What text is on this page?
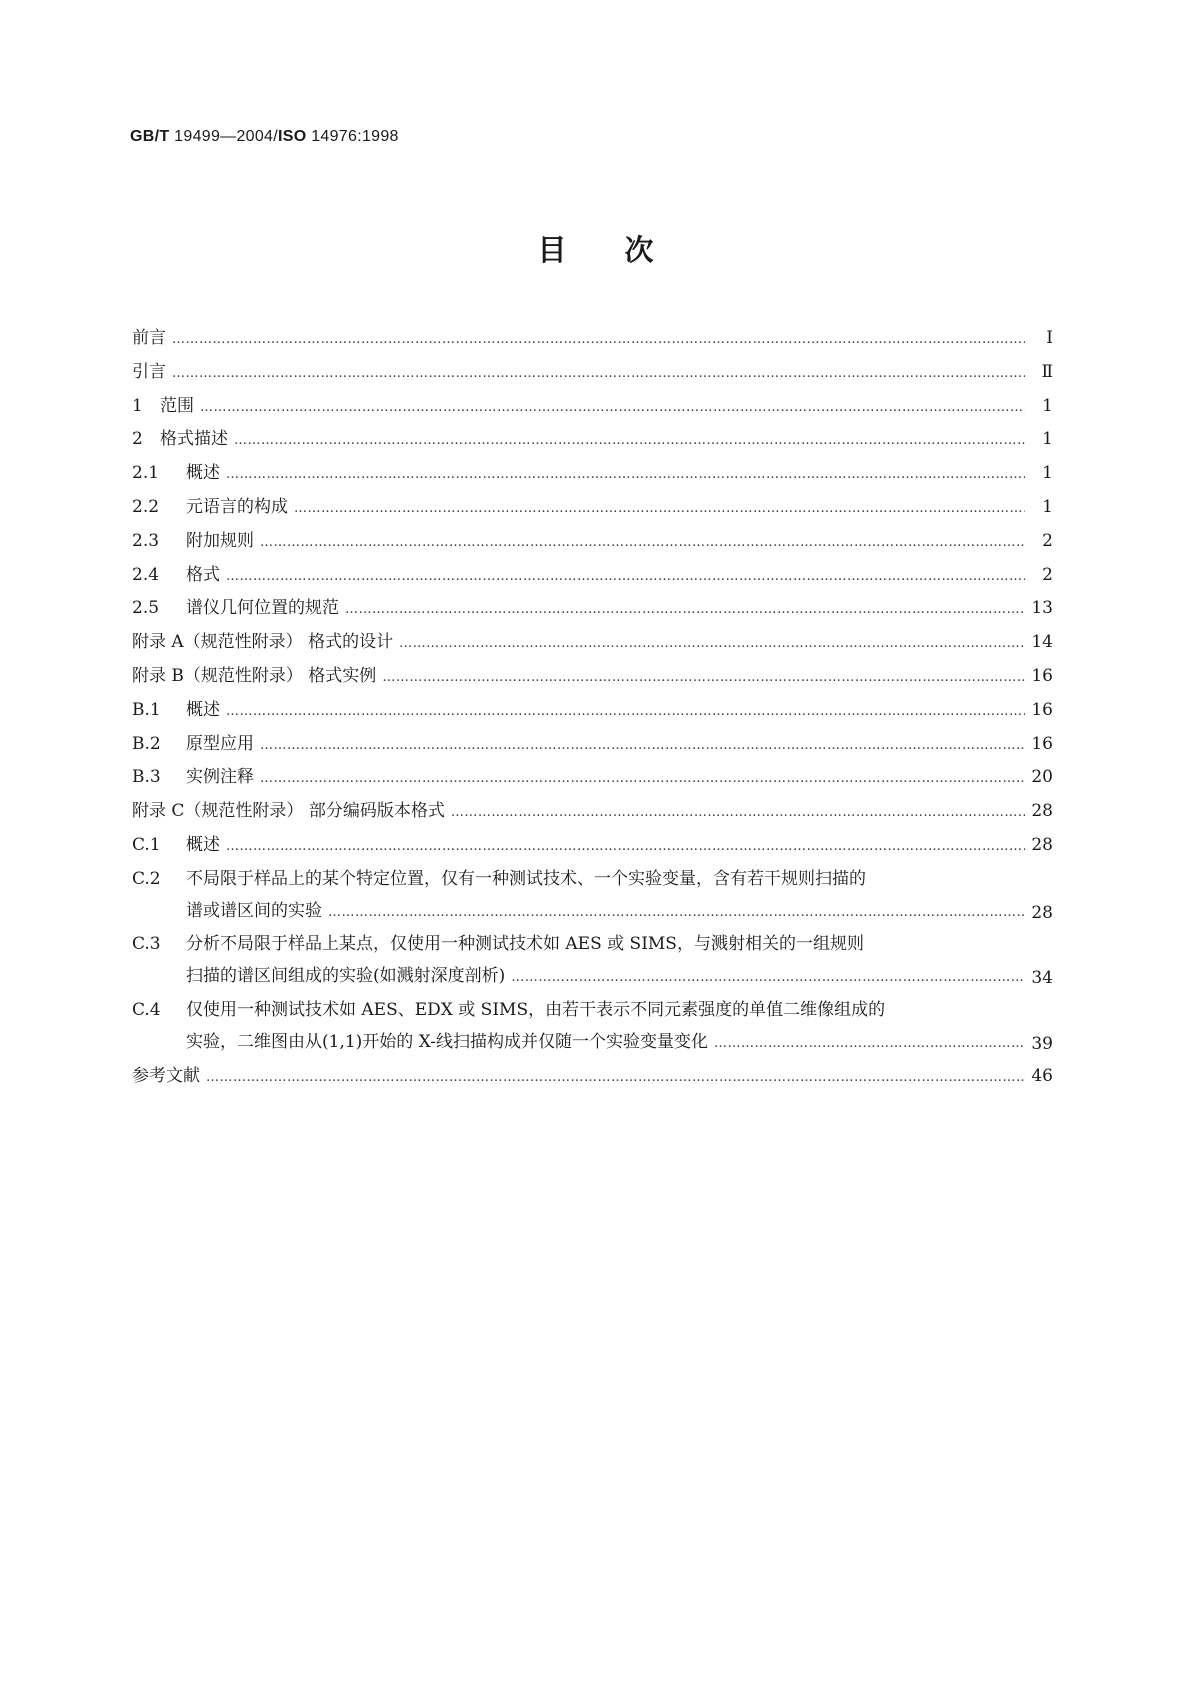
GB/T 19499—2004/ISO 14976:1998
目次
前言 ………………………………………………………………………………………………………………………………………………………………………………………………………………………………………………………………	Ⅰ
引言 ………………………………………………………………………………………………………………………………………………………………………………………………………………………………………………………………	Ⅱ
1	范围 ………………………………………………………………………………………………………………………………………………………………………………………………………………………………………………………………	1
2	格式描述 ………………………………………………………………………………………………………………………………………………………………………………………………………………………………………………………………	1
2.1	概述 ………………………………………………………………………………………………………………………………………………………………………………………………………………………………………………………………	1
2.2	元语言的构成 ………………………………………………………………………………………………………………………………………………………………………………………………………………………………………………………………	1
2.3	附加规则 ………………………………………………………………………………………………………………………………………………………………………………………………………………………………………………………………	2
2.4	格式 ………………………………………………………………………………………………………………………………………………………………………………………………………………………………………………………………	2
2.5	谱仪几何位置的规范 ………………………………………………………………………………………………………………………………………………………………………………………………………………………………………………………………	13
附录 A（规范性附录） 格式的设计 ………………………………………………………………………………………………………………………………………………………………………………………………………………………………………………………………	14
附录 B（规范性附录） 格式实例 ………………………………………………………………………………………………………………………………………………………………………………………………………………………………………………………………	16
B.1	概述 ………………………………………………………………………………………………………………………………………………………………………………………………………………………………………………………………	16
B.2	原型应用 ………………………………………………………………………………………………………………………………………………………………………………………………………………………………………………………………	16
B.3	实例注释 ………………………………………………………………………………………………………………………………………………………………………………………………………………………………………………………………	20
附录 C（规范性附录） 部分编码版本格式 ………………………………………………………………………………………………………………………………………………………………………………………………………………………………………………………………	28
C.1	概述 ………………………………………………………………………………………………………………………………………………………………………………………………………………………………………………………………	28
C.2	不局限于样品上的某个特定位置，仅有一种测试技术、一个实验变量，含有若干规则扫描的
谱或谱区间的实验 ………………………………………………………………………………………………………………………………………………………………………………………………………………………………………………………………	28
C.3	分析不局限于样品上某点，仅使用一种测试技术如 AES 或 SIMS，与溅射相关的一组规则
扫描的谱区间组成的实验(如溅射深度剖析) ………………………………………………………………………………………………………………………………………………………………………………………………………………………………………………………………	34
C.4	仅使用一种测试技术如 AES、EDX 或 SIMS，由若干表示不同元素强度的单值二维像组成的
实验，二维图由从(1,1)开始的 X-线扫描构成并仅随一个实验变量变化 ………………………………………………………………………………………………………………………………………………………………………………………………………………………………………………………………	39
参考文献 ………………………………………………………………………………………………………………………………………………………………………………………………………………………………………………………………	46
